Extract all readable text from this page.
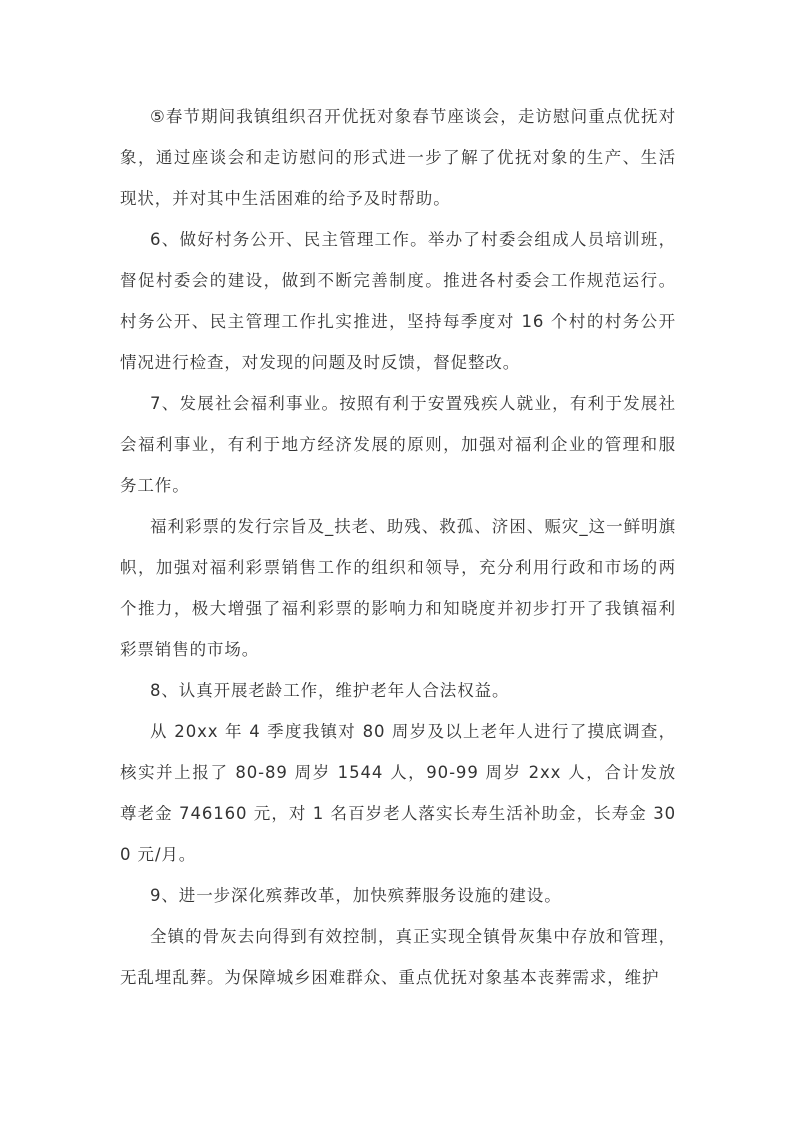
⑤春节期间我镇组织召开优抚对象春节座谈会，走访慰问重点优抚对象，通过座谈会和走访慰问的形式进一步了解了优抚对象的生产、生活现状，并对其中生活困难的给予及时帮助。

6、做好村务公开、民主管理工作。举办了村委会组成人员培训班，督促村委会的建设，做到不断完善制度。推进各村委会工作规范运行。村务公开、民主管理工作扎实推进，坚持每季度对 16 个村的村务公开情况进行检查，对发现的问题及时反馈，督促整改。

7、发展社会福利事业。按照有利于安置残疾人就业，有利于发展社会福利事业，有利于地方经济发展的原则，加强对福利企业的管理和服务工作。

福利彩票的发行宗旨及_扶老、助残、救孤、济困、赈灾_这一鲜明旗帜，加强对福利彩票销售工作的组织和领导，充分利用行政和市场的两个推力，极大增强了福利彩票的影响力和知晓度并初步打开了我镇福利彩票销售的市场。

8、认真开展老龄工作，维护老年人合法权益。

从 20xx 年 4 季度我镇对 80 周岁及以上老年人进行了摸底调查，核实并上报了 80-89 周岁 1544 人，90-99 周岁 2xx 人，合计发放尊老金 746160 元，对 1 名百岁老人落实长寿生活补助金，长寿金 300 元/月。

9、进一步深化殡葬改革，加快殡葬服务设施的建设。

全镇的骨灰去向得到有效控制，真正实现全镇骨灰集中存放和管理，无乱埋乱葬。为保障城乡困难群众、重点优抚对象基本丧葬需求，维护
